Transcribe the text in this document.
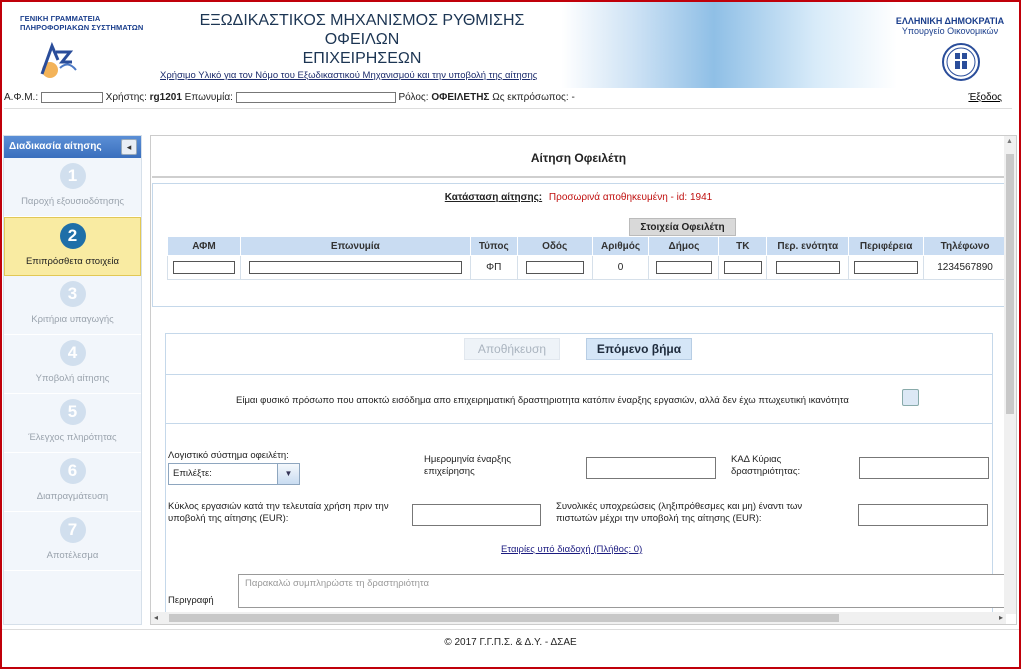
ΓΕΝΙΚΗ ΓΡΑΜΜΑΤΕΙΑ
ΠΛΗΡΟΦΟΡΙΑΚΩΝ ΣΥΣΤΗΜΑΤΩΝ	ΕΞΩΔΙΚΑΣΤΙΚΟΣ ΜΗΧΑΝΙΣΜΟΣ ΡΥΘΜΙΣΗΣ ΟΦΕΙΛΩΝ
ΕΠΙΧΕΙΡΗΣΕΩΝ
Χρήσιμο Υλικό για τον Νόμο του Εξωδικαστικού Μηχανισμού και την υποβολή της αίτησης
ΕΛΛΗΝΙΚΗ ΔΗΜΟΚΡΑΤΙΑ
Υπουργείο Οικονομικών
Α.Φ.Μ.:	Χρήστης: rg1201 Επωνυμία:	Ρόλος: ΟΦΕΙΛΕΤΗΣ Ως εκπρόσωπος: -	Έξοδος
Διαδικασία αίτησης	◂
1
Παροχή εξουσιοδότησης
2
Επιπρόσθετα στοιχεία
3
Κριτήρια υπαγωγής
4
Υποβολή αίτησης
5
Έλεγχος πληρότητας
6
Διαπραγμάτευση
7
Αποτέλεσμα
Αίτηση Οφειλέτη
Κατάσταση αίτησης: Προσωρινά αποθηκευμένη - id: 1941
Στοιχεία Οφειλέτη
ΑΦΜ	Επωνυμία	Τύπος	Οδός	Αριθμός	Δήμος	ΤΚ	Περ. ενότητα	Περιφέρεια	Τηλέφωνο
		ΦΠ		0					1234567890
Αποθήκευση	Επόμενο βήμα
Είμαι φυσικό πρόσωπο που αποκτώ εισόδημα απο επιχειρηματική δραστηριοτητα κατόπιν έναρξης εργασιών, αλλά δεν έχω πτωχευτική ικανότητα
Λογιστικό σύστημα οφειλέτη:
Επιλέξτε:	▼
Ημερομηνία έναρξης επιχείρησης
ΚΑΔ Κύριας δραστηριότητας:
Κύκλος εργασιών κατά την τελευταία χρήση πριν την υποβολή της αίτησης (EUR):
Συνολικές υποχρεώσεις (ληξιπρόθεσμες και μη) έναντι των πιστωτών μέχρι την υποβολή της αίτησης (EUR):
Εταιρίες υπό διαδοχή (Πλήθος: 0)
Περιγραφή
Παρακαλώ συμπληρώστε τη δραστηριότητα
▲
◂	▸
© 2017 Γ.Γ.Π.Σ. & Δ.Υ. - ΔΣΑΕ
